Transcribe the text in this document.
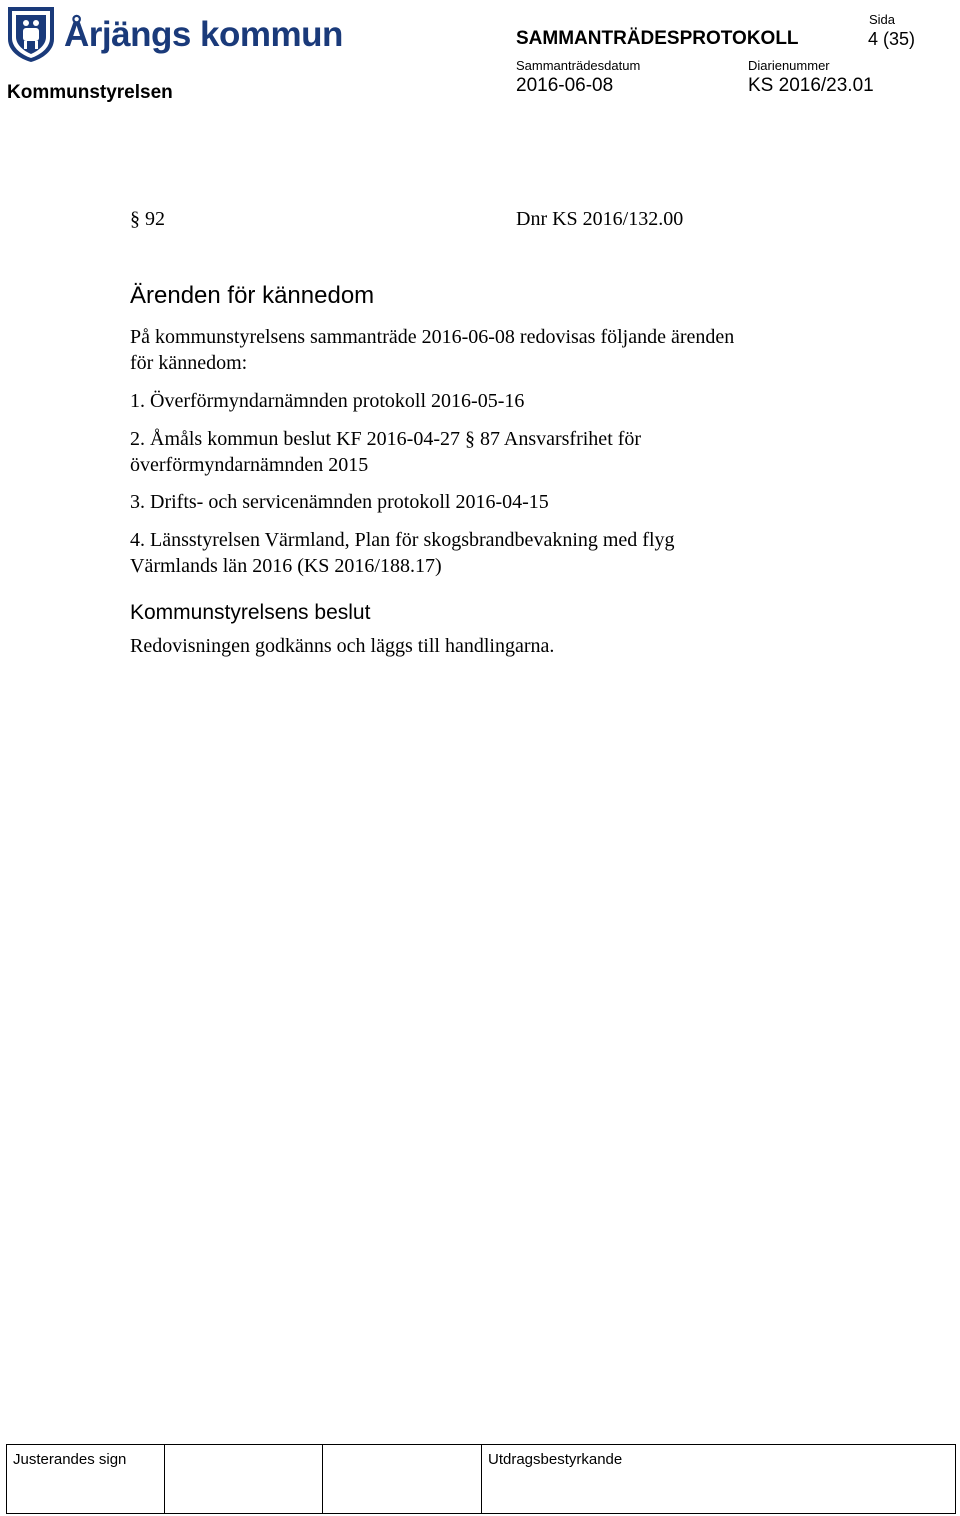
Årjängs kommun
Kommunstyrelsen
SAMMANTRÄDESPROTOKOLL
Sida
4 (35)
Sammanträdesdatum
2016-06-08
Diarienummer
KS 2016/23.01
§ 92	Dnr KS 2016/132.00
Ärenden för kännedom
På kommunstyrelsens sammanträde 2016-06-08 redovisas följande ärenden
för kännedom:
1. Överförmyndarnämnden protokoll 2016-05-16
2. Åmåls kommun beslut KF 2016-04-27 § 87 Ansvarsfrihet för
överförmyndarnämnden 2015
3. Drifts- och servicenämnden protokoll 2016-04-15
4. Länsstyrelsen Värmland, Plan för skogsbrandbevakning med flyg
Värmlands län 2016 (KS 2016/188.17)
Kommunstyrelsens beslut
Redovisningen godkänns och läggs till handlingarna.
Justerandes sign	Utdragsbestyrkande
